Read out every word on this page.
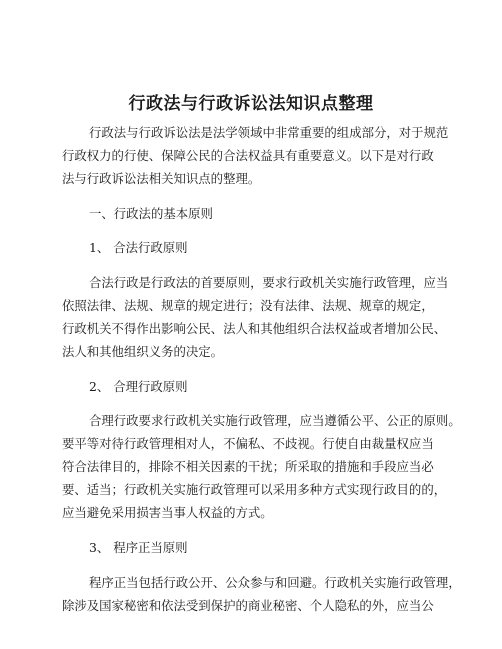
行政法与行政诉讼法知识点整理
行政法与行政诉讼法是法学领域中非常重要的组成部分，对于规范
行政权力的行使、保障公民的合法权益具有重要意义。以下是对行政
法与行政诉讼法相关知识点的整理。
一、行政法的基本原则
1、 合法行政原则
合法行政是行政法的首要原则，要求行政机关实施行政管理，应当
依照法律、法规、规章的规定进行；没有法律、法规、规章的规定，
行政机关不得作出影响公民、法人和其他组织合法权益或者增加公民、
法人和其他组织义务的决定。
2、 合理行政原则
合理行政要求行政机关实施行政管理，应当遵循公平、公正的原则。
要平等对待行政管理相对人，不偏私、不歧视。行使自由裁量权应当
符合法律目的，排除不相关因素的干扰；所采取的措施和手段应当必
要、适当；行政机关实施行政管理可以采用多种方式实现行政目的的，
应当避免采用损害当事人权益的方式。
3、 程序正当原则
程序正当包括行政公开、公众参与和回避。行政机关实施行政管理，
除涉及国家秘密和依法受到保护的商业秘密、个人隐私的外，应当公
